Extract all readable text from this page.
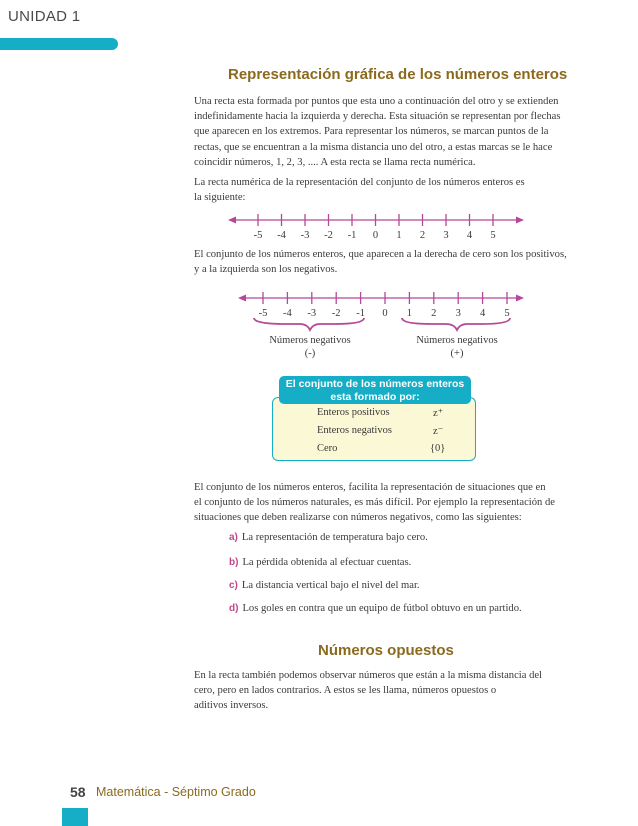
UNIDAD 1
Representación gráfica de los números enteros
Una recta esta formada por puntos que esta uno a continuación del otro y se extienden
indefinidamente hacia la izquierda y derecha. Esta situación se representan por flechas
que aparecen en los extremos. Para representar los números, se marcan puntos de la
rectas, que se encuentran a la misma distancia uno del otro, a estas marcas se le hace
coincidir números, 1, 2, 3, .... A esta recta se llama recta numérica.
La recta numérica de la representación del conjunto de los números enteros es
la siguiente:
-5 -4 -3 -2 -1 0 1 2 3 4 5
El conjunto de los números enteros, que aparecen a la derecha de cero son los positivos,
y a la izquierda son los negativos.
-5 -4 -3 -2 -1 0 1 2 3 4 5
Números negativos
(-)
Números negativos
(+)
El conjunto de los números enteros
esta formado por:
Enteros positivos	z⁺
Enteros negativos	z⁻
Cero	{0}
El conjunto de los números enteros, facilita la representación de situaciones que en
el conjunto de los números naturales, es más difícil. Por ejemplo la representación de
situaciones que deben realizarse con números negativos, como las siguientes:
a) La representación de temperatura bajo cero.
b) La pérdida obtenida al efectuar cuentas.
c) La distancia vertical bajo el nivel del mar.
d) Los goles en contra que un equipo de fútbol obtuvo en un partido.
Números opuestos
En la recta también podemos observar números que están a la misma distancia del
cero, pero en lados contrarios. A estos se les llama, números opuestos o
aditivos inversos.
58 Matemática - Séptimo Grado
